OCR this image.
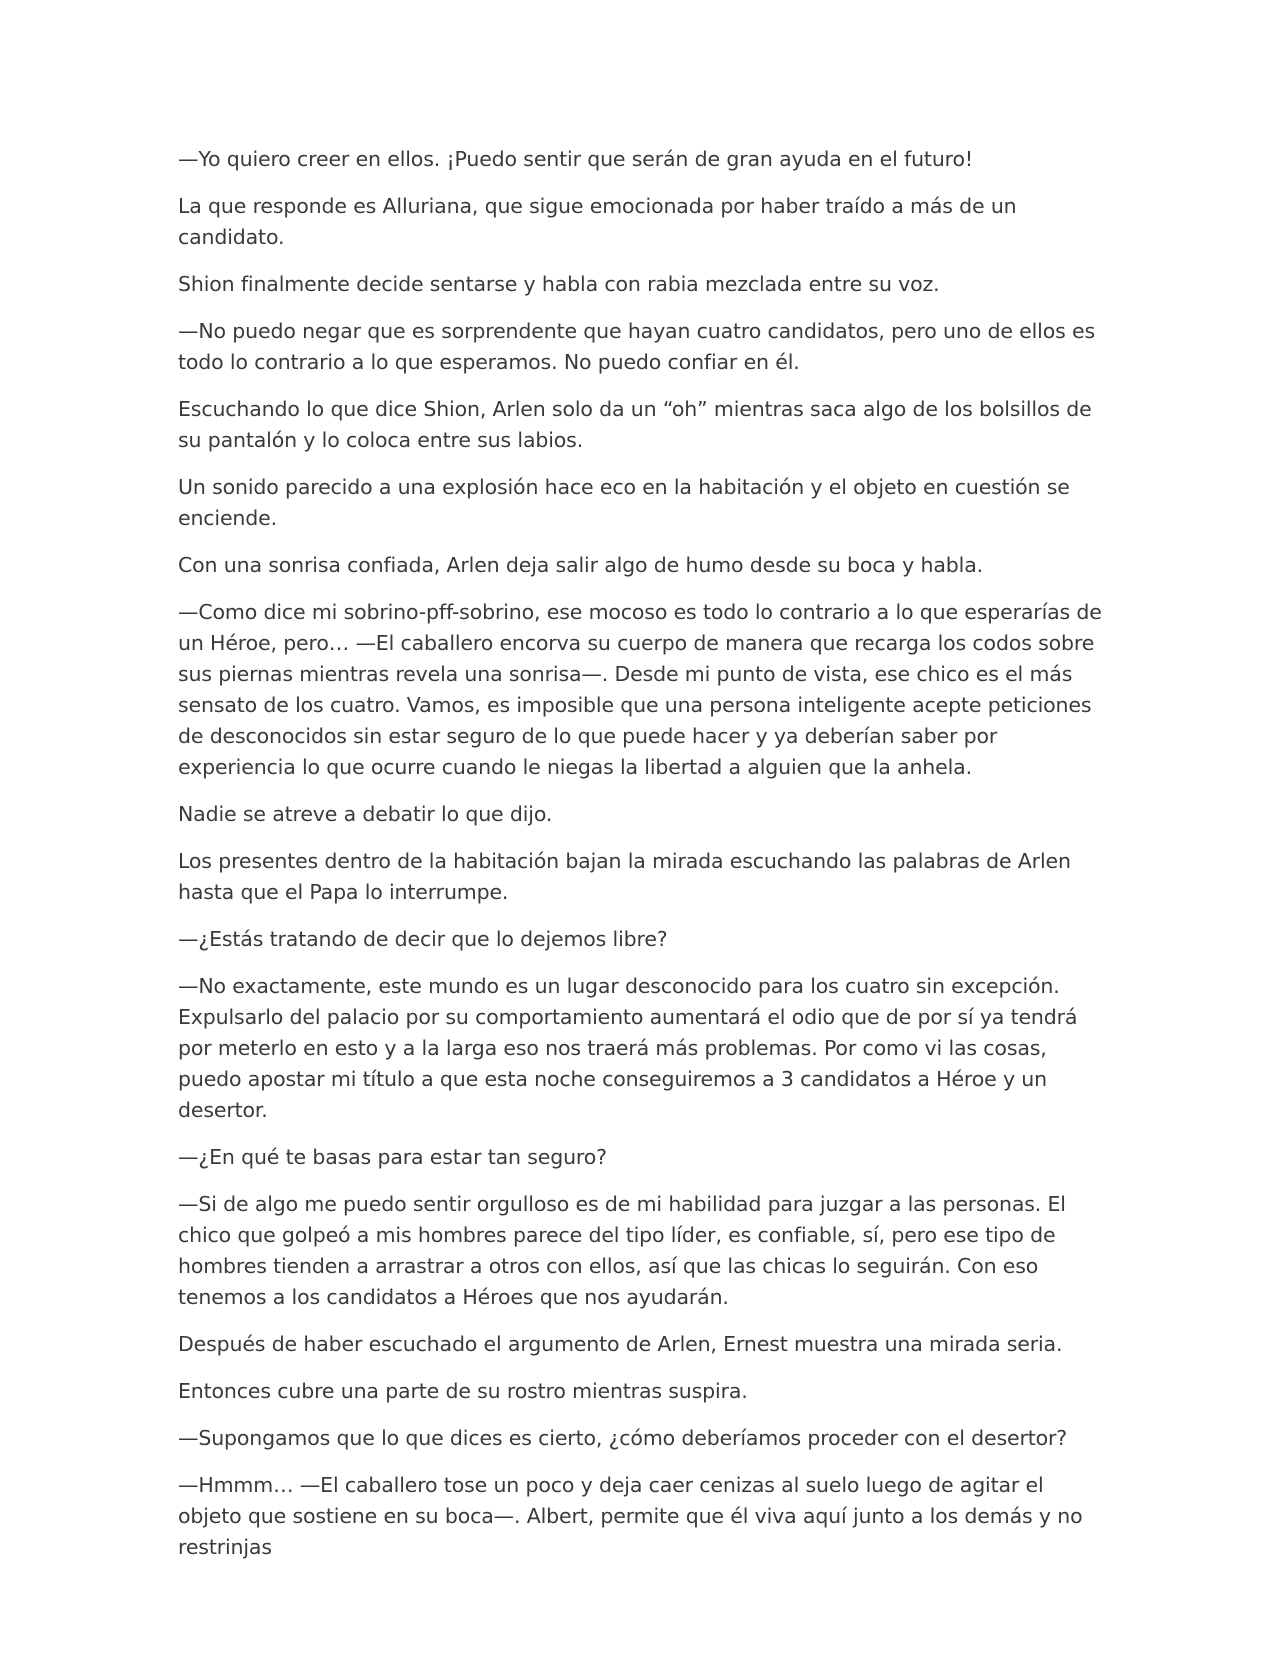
—Yo quiero creer en ellos. ¡Puedo sentir que serán de gran ayuda en el futuro!

La que responde es Alluriana, que sigue emocionada por haber traído a más de un candidato.

Shion finalmente decide sentarse y habla con rabia mezclada entre su voz.

—No puedo negar que es sorprendente que hayan cuatro candidatos, pero uno de ellos es todo lo contrario a lo que esperamos. No puedo confiar en él.

Escuchando lo que dice Shion, Arlen solo da un “oh” mientras saca algo de los bolsillos de su pantalón y lo coloca entre sus labios.

Un sonido parecido a una explosión hace eco en la habitación y el objeto en cuestión se enciende.

Con una sonrisa confiada, Arlen deja salir algo de humo desde su boca y habla.

—Como dice mi sobrino-pff-sobrino, ese mocoso es todo lo contrario a lo que esperarías de un Héroe, pero… —El caballero encorva su cuerpo de manera que recarga los codos sobre sus piernas mientras revela una sonrisa—. Desde mi punto de vista, ese chico es el más sensato de los cuatro. Vamos, es imposible que una persona inteligente acepte peticiones de desconocidos sin estar seguro de lo que puede hacer y ya deberían saber por experiencia lo que ocurre cuando le niegas la libertad a alguien que la anhela.

Nadie se atreve a debatir lo que dijo.

Los presentes dentro de la habitación bajan la mirada escuchando las palabras de Arlen hasta que el Papa lo interrumpe.

—¿Estás tratando de decir que lo dejemos libre?

—No exactamente, este mundo es un lugar desconocido para los cuatro sin excepción. Expulsarlo del palacio por su comportamiento aumentará el odio que de por sí ya tendrá por meterlo en esto y a la larga eso nos traerá más problemas. Por como vi las cosas, puedo apostar mi título a que esta noche conseguiremos a 3 candidatos a Héroe y un desertor.

—¿En qué te basas para estar tan seguro?

—Si de algo me puedo sentir orgulloso es de mi habilidad para juzgar a las personas. El chico que golpeó a mis hombres parece del tipo líder, es confiable, sí, pero ese tipo de hombres tienden a arrastrar a otros con ellos, así que las chicas lo seguirán. Con eso tenemos a los candidatos a Héroes que nos ayudarán.

Después de haber escuchado el argumento de Arlen, Ernest muestra una mirada seria.

Entonces cubre una parte de su rostro mientras suspira.

—Supongamos que lo que dices es cierto, ¿cómo deberíamos proceder con el desertor?

—Hmmm… —El caballero tose un poco y deja caer cenizas al suelo luego de agitar el objeto que sostiene en su boca—. Albert, permite que él viva aquí junto a los demás y no restrinjas
